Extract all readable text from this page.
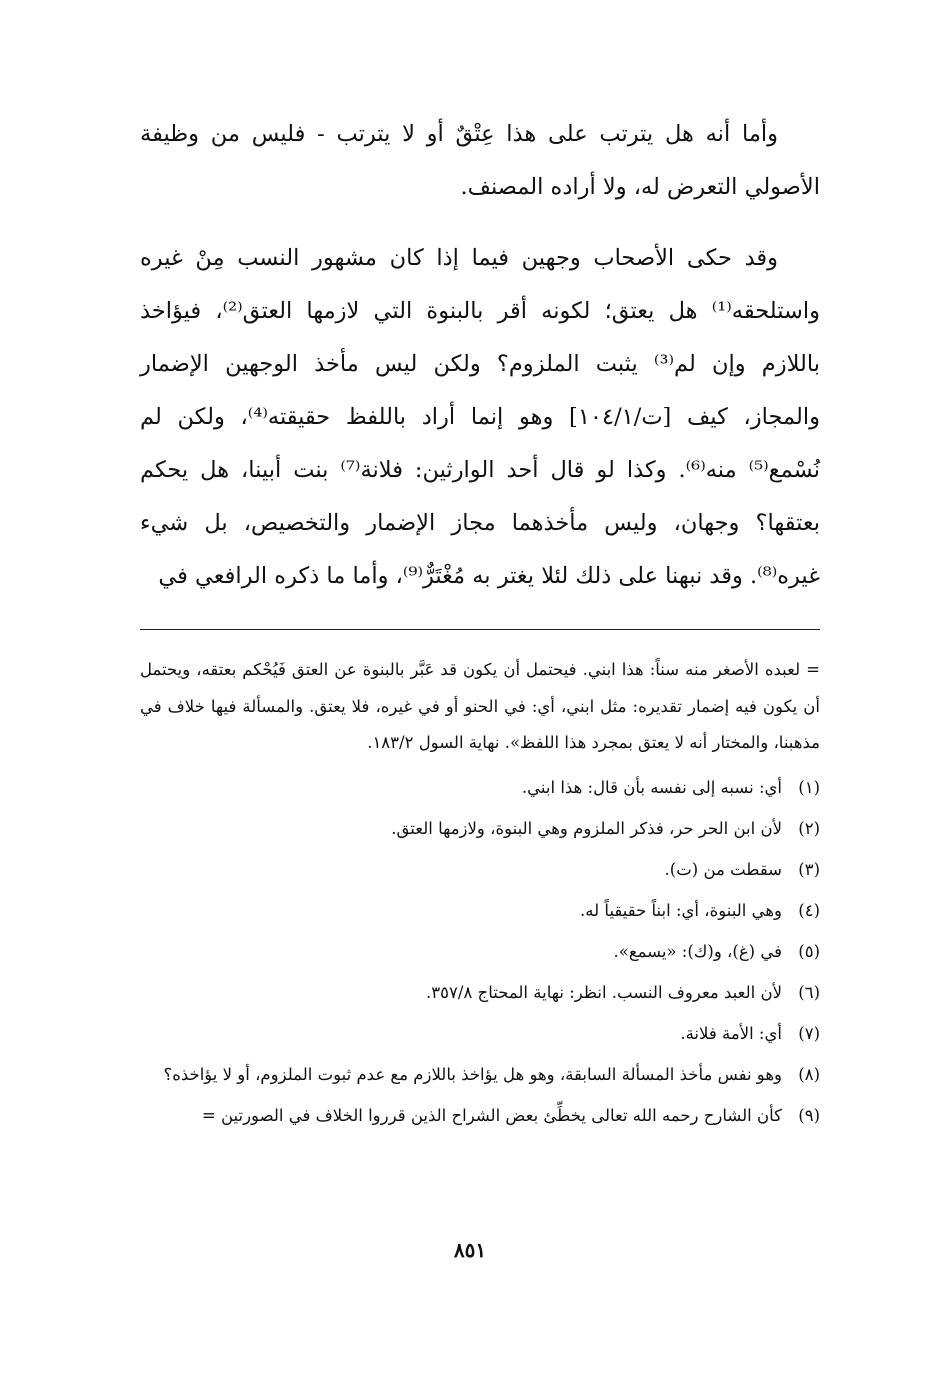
وأما أنه هل يترتب على هذا عِتْقٌ أو لا يترتب - فليس من وظيفة الأصولي التعرض له، ولا أراده المصنف.

وقد حكى الأصحاب وجهين فيما إذا كان مشهور النسب مِنْ غيره واستلحقه⁽¹⁾ هل يعتق؛ لكونه أقر بالبنوة التي لازمها العتق⁽²⁾، فيؤاخذ باللازم وإن لم⁽³⁾ يثبت الملزوم؟ ولكن ليس مأخذ الوجهين الإضمار والمجاز، كيف [ت/١٠٤/١] وهو إنما أراد باللفظ حقيقته⁽⁴⁾، ولكن لم نُسْمع⁽⁵⁾ منه⁽⁶⁾. وكذا لو قال أحد الوارثين: فلانة⁽⁷⁾ بنت أبينا، هل يحكم بعتقها؟ وجهان، وليس مأخذهما مجاز الإضمار والتخصيص، بل شيء غيره⁽⁸⁾. وقد نبهنا على ذلك لئلا يغتر به مُغْتَرٌّ⁽⁹⁾، وأما ما ذكره الرافعي في

= لعبده الأصغر منه سناً: هذا ابني. فيحتمل أن يكون قد عَبَّر بالبنوة عن العتق فَيُحْكم بعتقه، ويحتمل أن يكون فيه إضمار تقديره: مثل ابني، أي: في الحنو أو في غيره، فلا يعتق. والمسألة فيها خلاف في مذهبنا، والمختار أنه لا يعتق بمجرد هذا اللفظ». نهاية السول ١٨٣/٢.

(١)
أي: نسبه إلى نفسه بأن قال: هذا ابني.
(٢)
لأن ابن الحر حر، فذكر الملزوم وهي البنوة، ولازمها العتق.
(٣)
سقطت من (ت).
(٤)
وهي البنوة، أي: ابناً حقيقياً له.
(٥)
في (غ)، و(ك): «يسمع».
(٦)
لأن العبد معروف النسب. انظر: نهاية المحتاج ٣٥٧/٨.
(٧)
أي: الأمة فلانة.
(٨)
وهو نفس مأخذ المسألة السابقة، وهو هل يؤاخذ باللازم مع عدم ثبوت الملزوم، أو لا يؤاخذه؟
(٩)
كأن الشارح رحمه الله تعالى يخطِّئ بعض الشراح الذين قرروا الخلاف في الصورتين =
٨٥١
